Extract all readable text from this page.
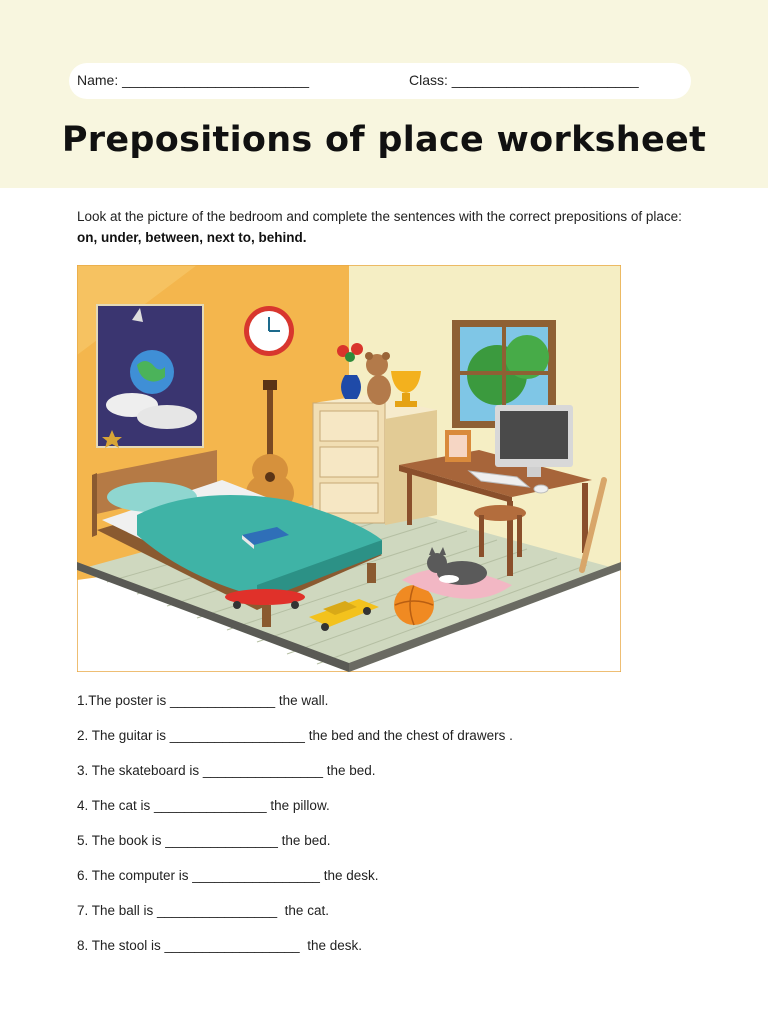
Name: ________________________	Class: ________________________
Prepositions of place worksheet
Look at the picture of the bedroom and complete the sentences with the correct prepositions of place: on, under, between, next to, behind.
1.The poster is ______________ the wall.
2. The guitar is __________________ the bed and the chest of drawers .
3. The skateboard is ________________ the bed.
4. The cat is _______________ the pillow.
5. The book is _______________ the bed.
6. The computer is _________________ the desk.
7. The ball is ________________  the cat.
8. The stool is __________________  the desk.
